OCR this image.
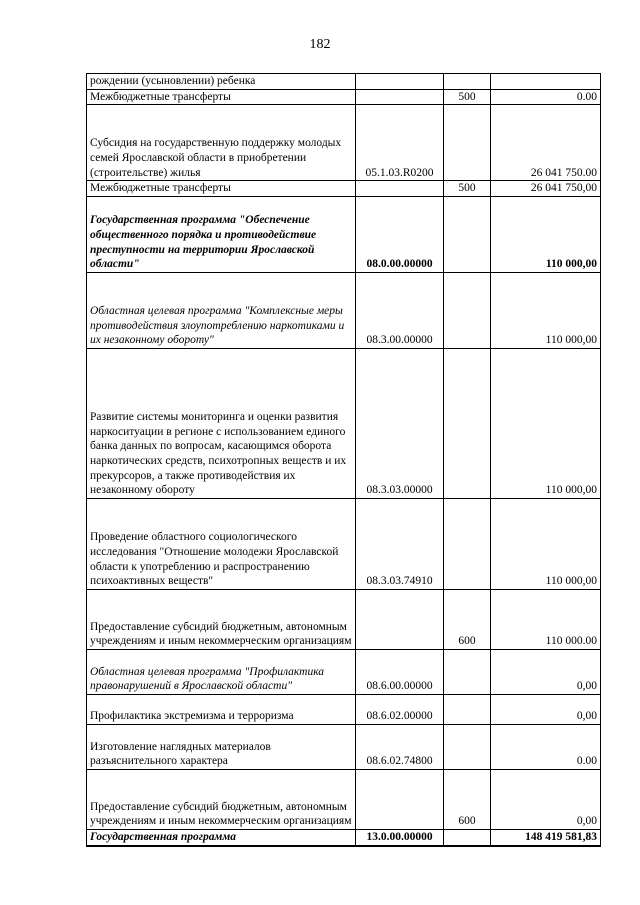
182
рождении (усыновлении) ребенка			
Межбюджетные трансферты		500	0.00
Субсидия на государственную поддержку молодых семей Ярославской области в приобретении (строительстве) жилья	05.1.03.R0200		26 041 750.00
Межбюджетные трансферты		500	26 041 750,00
Государственная программа "Обеспечение общественного порядка и противодействие преступности на территории Ярославской области"	08.0.00.00000		110 000,00
Областная целевая программа "Комплексные меры противодействия злоупотреблению наркотиками и их незаконному обороту"	08.3.00.00000		110 000,00
Развитие системы мониторинга и оценки развития наркоситуации в регионе с использованием единого банка данных по вопросам, касающимся оборота наркотических средств, психотропных веществ и их прекурсоров, а также противодействия их незаконному обороту	08.3.03.00000		110 000,00
Проведение областного социологического исследования "Отношение молодежи Ярославской области к употреблению и распространению психоактивных веществ"	08.3.03.74910		110 000,00
Предоставление субсидий бюджетным, автономным учреждениям и иным некоммерческим организациям		600	110 000.00
Областная целевая программа "Профилактика правонарушений в Ярославской области"	08.6.00.00000		0,00
Профилактика экстремизма и терроризма	08.6.02.00000		0,00
Изготовление наглядных материалов разъяснительного характера	08.6.02.74800		0.00
Предоставление субсидий бюджетным, автономным учреждениям и иным некоммерческим организациям		600	0,00
Государственная программа	13.0.00.00000		148 419 581,83
